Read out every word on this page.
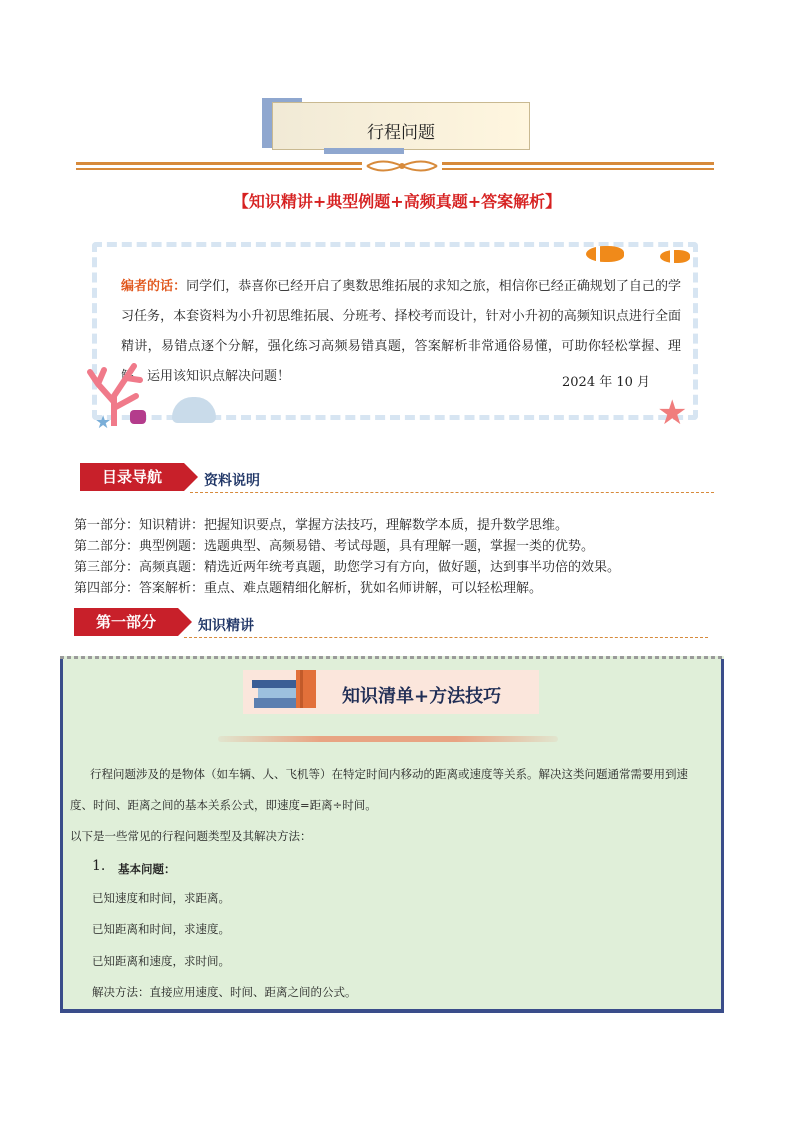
行程问题
【知识精讲+典型例题+高频真题+答案解析】
编者的话：同学们，恭喜你已经开启了奥数思维拓展的求知之旅，相信你已经正确规划了自己的学习任务，本套资料为小升初思维拓展、分班考、择校考而设计，针对小升初的高频知识点进行全面精讲，易错点逐个分解，强化练习高频易错真题，答案解析非常通俗易懂，可助你轻松掌握、理解、运用该知识点解决问题！	2024 年 10 月
★	★
目录导航	资料说明
第一部分：知识精讲：把握知识要点，掌握方法技巧，理解数学本质，提升数学思维。
第二部分：典型例题：选题典型、高频易错、考试母题，具有理解一题，掌握一类的优势。
第三部分：高频真题：精选近两年统考真题，助您学习有方向，做好题，达到事半功倍的效果。
第四部分：答案解析：重点、难点题精细化解析，犹如名师讲解，可以轻松理解。
第一部分	知识精讲
知识清单+方法技巧
行程问题涉及的是物体（如车辆、人、飞机等）在特定时间内移动的距离或速度等关系。解决这类问题通常需要用到速
度、时间、距离之间的基本关系公式，即速度=距离÷时间。
以下是一些常见的行程问题类型及其解决方法：
1. 基本问题：
已知速度和时间，求距离。
已知距离和时间，求速度。
已知距离和速度，求时间。
解决方法：直接应用速度、时间、距离之间的公式。
